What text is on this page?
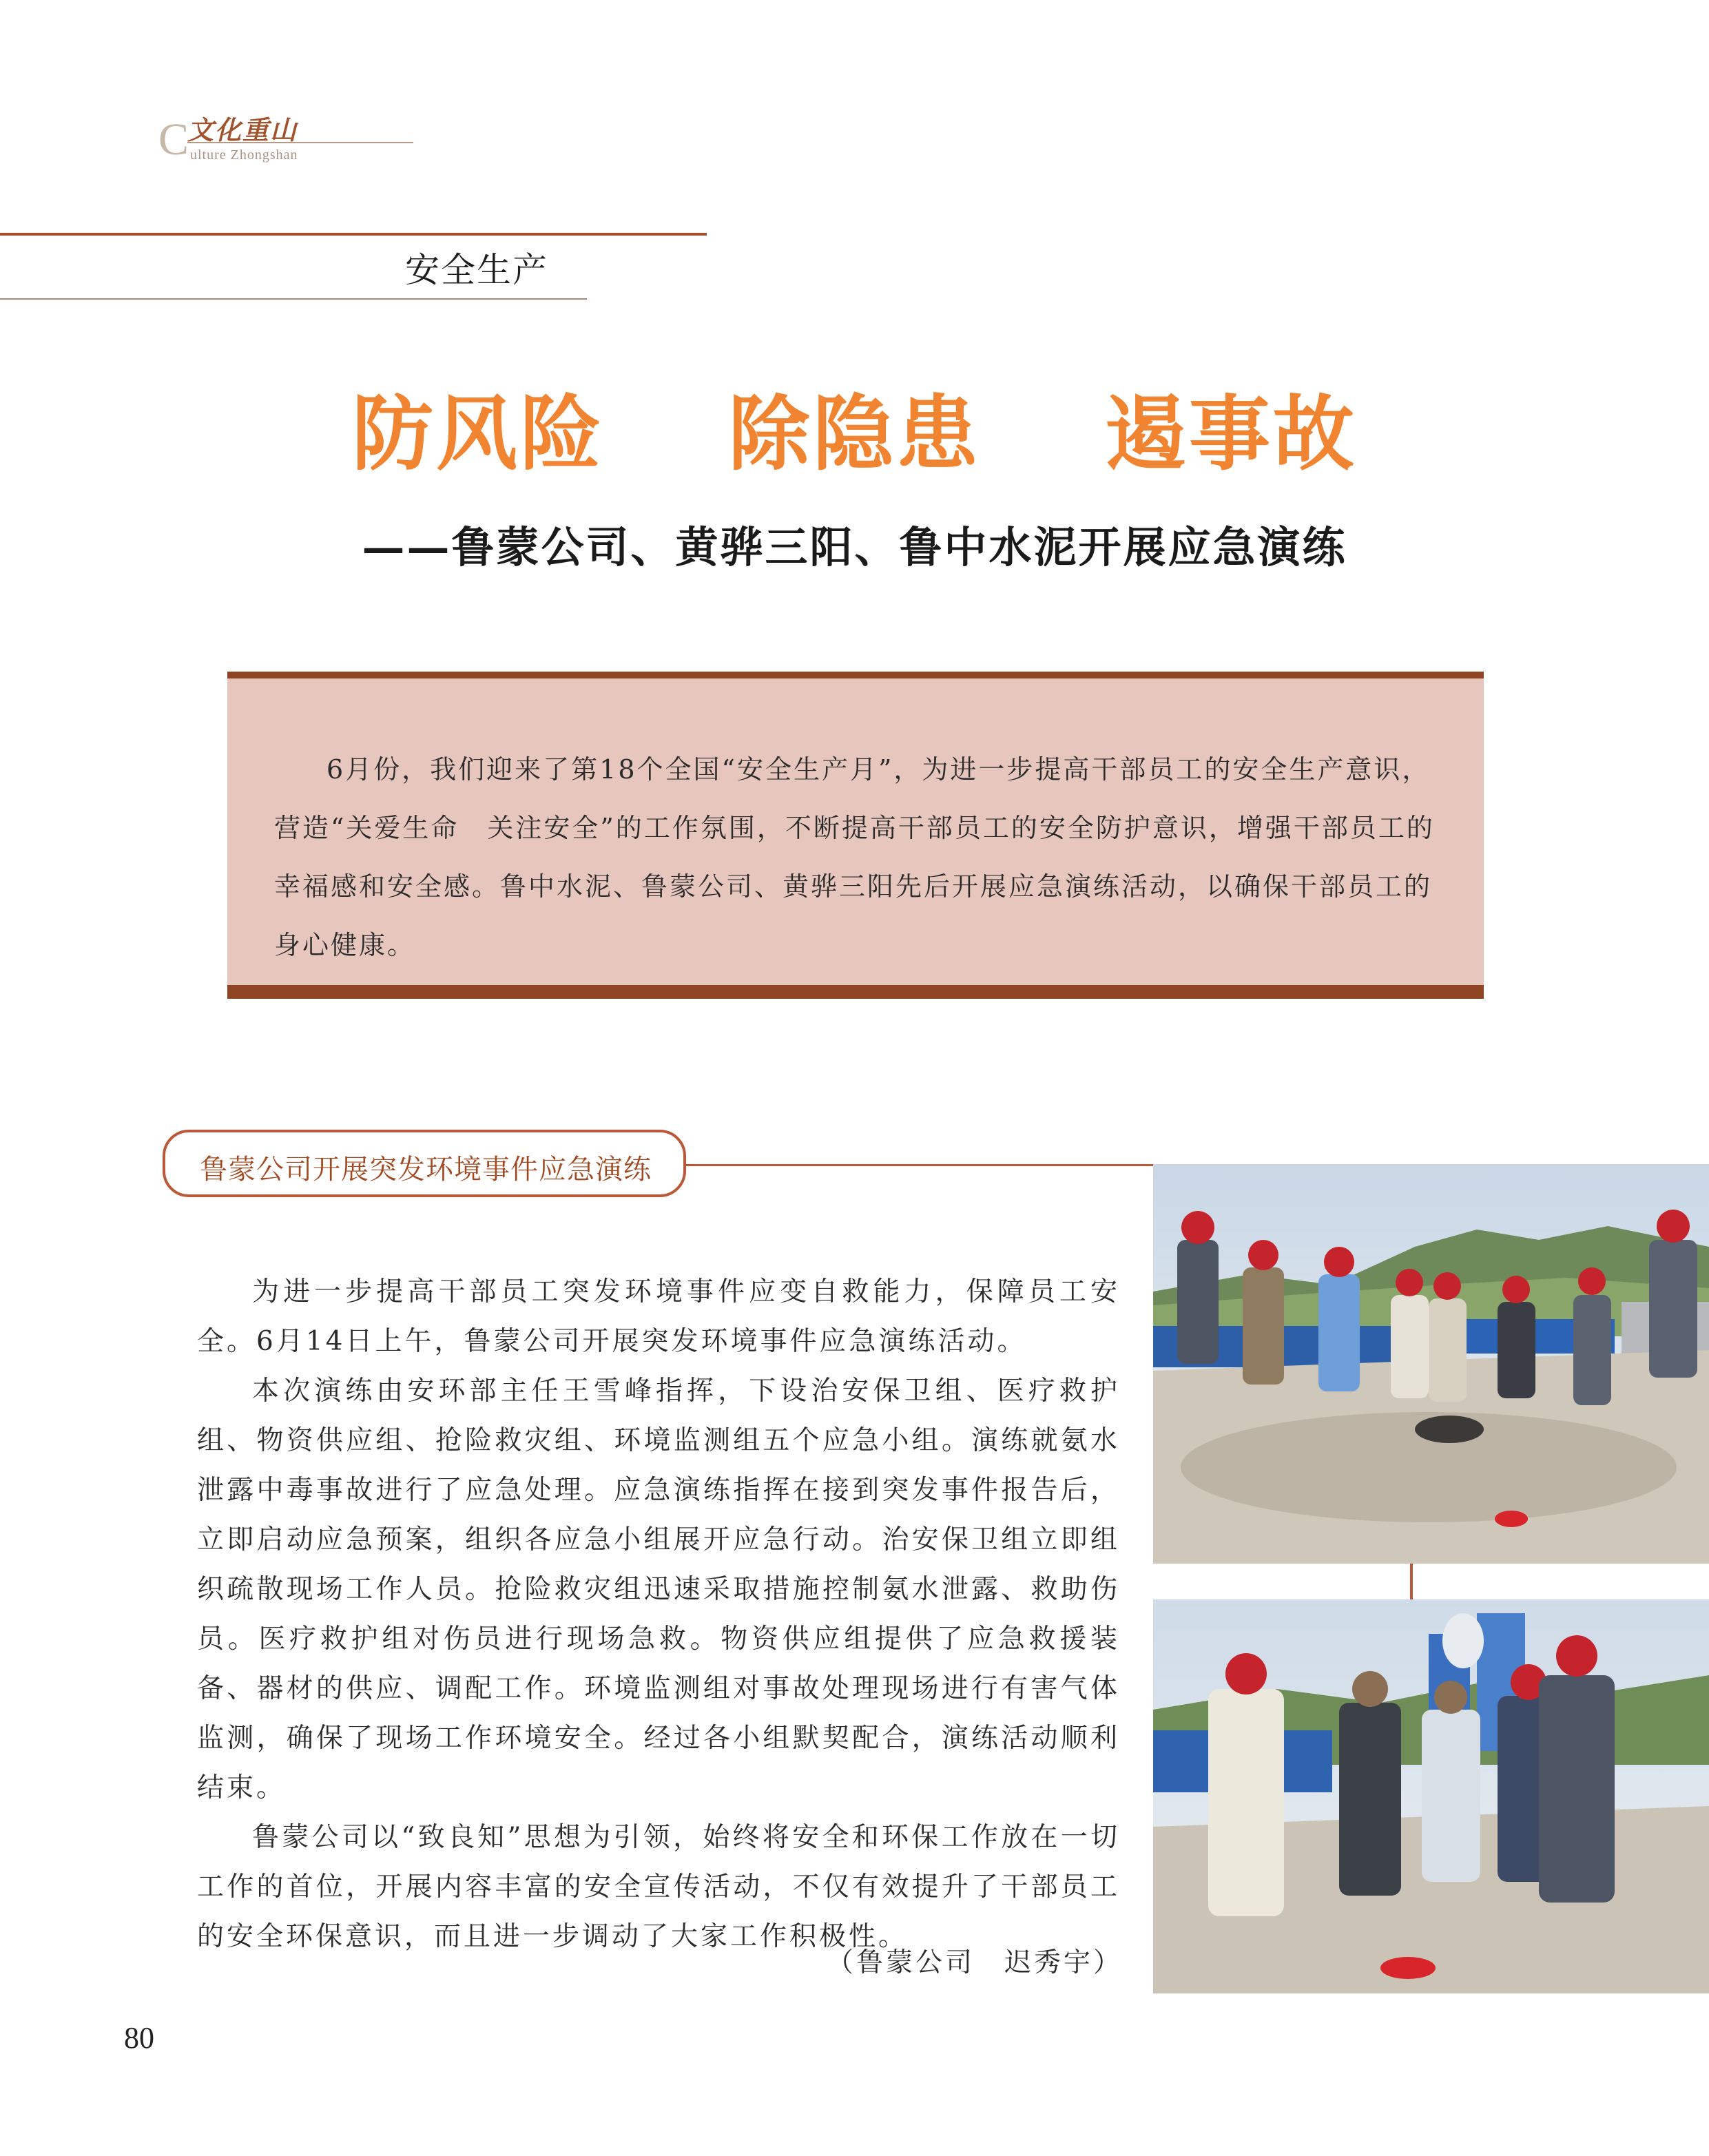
C
文化重山
ulture Zhongshan
安全生产
防风险    除隐患    遏事故
——鲁蒙公司、黄骅三阳、鲁中水泥开展应急演练

6月份，我们迎来了第18个全国“安全生产月”，为进一步提高干部员工的安全生产意识，营造“关爱生命　关注安全”的工作氛围，不断提高干部员工的安全防护意识，增强干部员工的幸福感和安全感。鲁中水泥、鲁蒙公司、黄骅三阳先后开展应急演练活动，以确保干部员工的身心健康。

鲁蒙公司开展突发环境事件应急演练

为进一步提高干部员工突发环境事件应变自救能力，保障员工安全。6月14日上午，鲁蒙公司开展突发环境事件应急演练活动。

本次演练由安环部主任王雪峰指挥，下设治安保卫组、医疗救护组、物资供应组、抢险救灾组、环境监测组五个应急小组。演练就氨水泄露中毒事故进行了应急处理。应急演练指挥在接到突发事件报告后，立即启动应急预案，组织各应急小组展开应急行动。治安保卫组立即组织疏散现场工作人员。抢险救灾组迅速采取措施控制氨水泄露、救助伤员。医疗救护组对伤员进行现场急救。物资供应组提供了应急救援装备、器材的供应、调配工作。环境监测组对事故处理现场进行有害气体监测，确保了现场工作环境安全。经过各小组默契配合，演练活动顺利结束。

鲁蒙公司以“致良知”思想为引领，始终将安全和环保工作放在一切工作的首位，开展内容丰富的安全宣传活动，不仅有效提升了干部员工的安全环保意识，而且进一步调动了大家工作积极性。

（鲁蒙公司　迟秀宇）
80
